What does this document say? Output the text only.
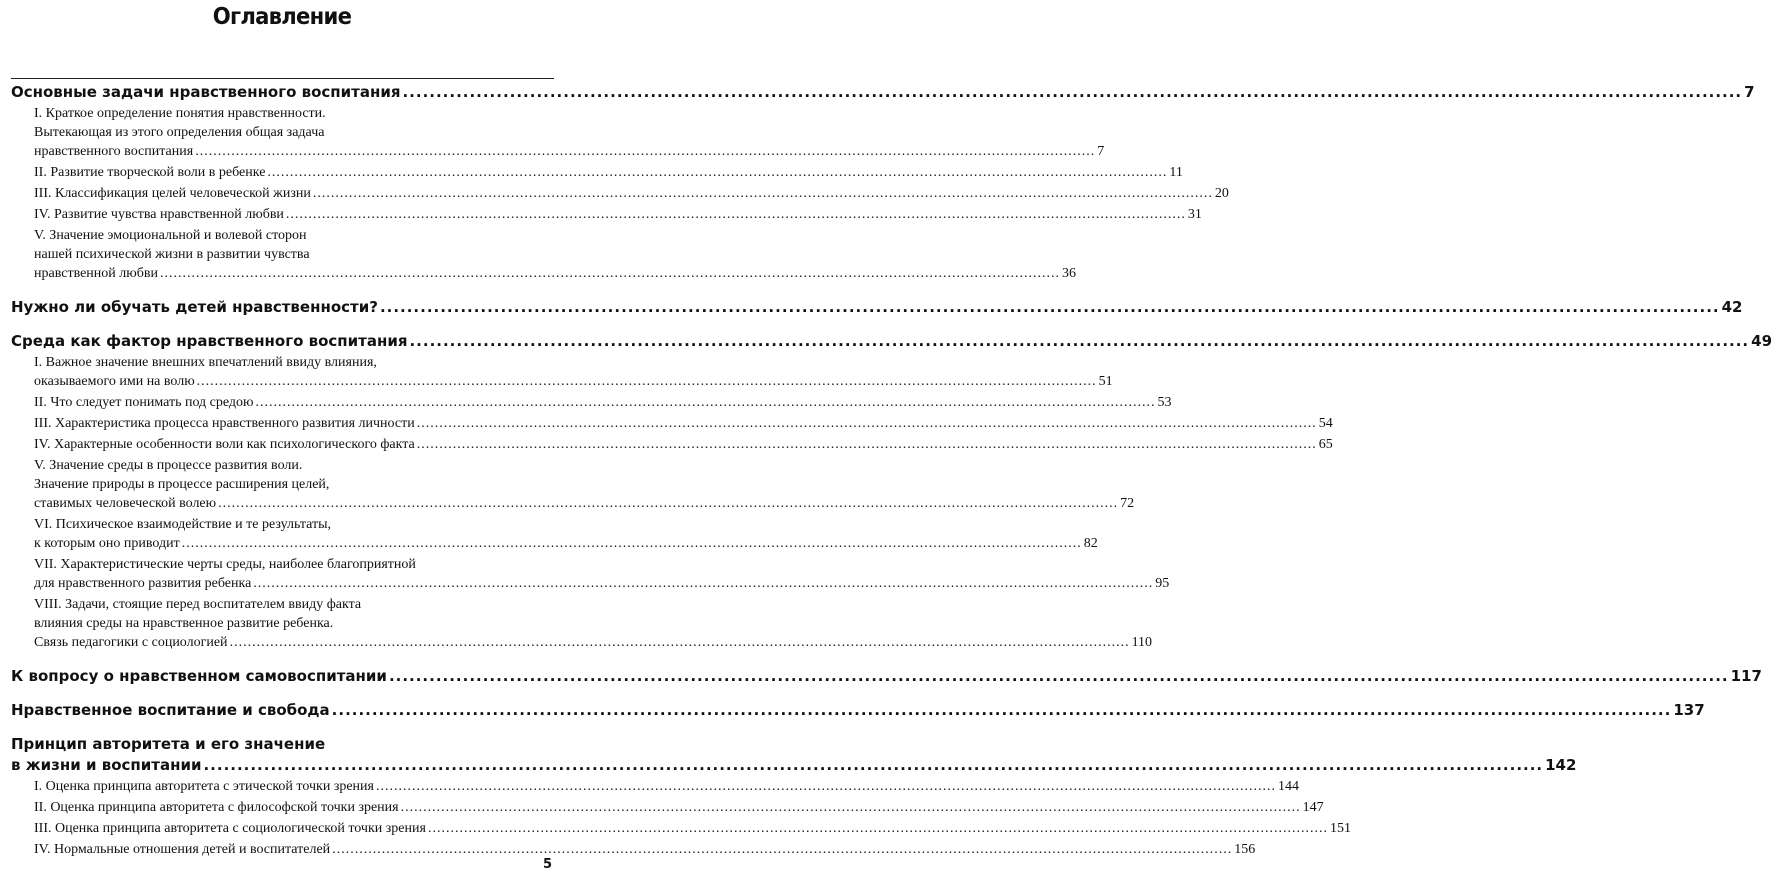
Оглавление
Основные задачи нравственного воспитания ........................................................................................................................................................................................................ 7
I. Краткое определение понятия нравственности.
Вытекающая из этого определения общая задача
нравственного воспитания ........................................................................................................................................................................................................ 7
II. Развитие творческой воли в ребенке ........................................................................................................................................................................................................ 11
III. Классификация целей человеческой жизни ........................................................................................................................................................................................................ 20
IV. Развитие чувства нравственной любви ........................................................................................................................................................................................................ 31
V. Значение эмоциональной и волевой сторон
нашей психической жизни в развитии чувства
нравственной любви ........................................................................................................................................................................................................ 36
Нужно ли обучать детей нравственности? ........................................................................................................................................................................................................ 42
Среда как фактор нравственного воспитания ........................................................................................................................................................................................................ 49
I. Важное значение внешних впечатлений ввиду влияния,
оказываемого ими на волю ........................................................................................................................................................................................................ 51
II. Что следует понимать под средою ........................................................................................................................................................................................................ 53
III. Характеристика процесса нравственного развития личности ........................................................................................................................................................................................................ 54
IV. Характерные особенности воли как психологического факта ........................................................................................................................................................................................................ 65
V. Значение среды в процессе развития воли.
Значение природы в процессе расширения целей,
ставимых человеческой волею ........................................................................................................................................................................................................ 72
VI. Психическое взаимодействие и те результаты,
к которым оно приводит ........................................................................................................................................................................................................ 82
VII. Характеристические черты среды, наиболее благоприятной
для нравственного развития ребенка ........................................................................................................................................................................................................ 95
VIII. Задачи, стоящие перед воспитателем ввиду факта
влияния среды на нравственное развитие ребенка.
Связь педагогики с социологией ........................................................................................................................................................................................................ 110
К вопросу о нравственном самовоспитании ........................................................................................................................................................................................................ 117
Нравственное воспитание и свобода ........................................................................................................................................................................................................ 137
Принцип авторитета и его значение
в жизни и воспитании ........................................................................................................................................................................................................ 142
I. Оценка принципа авторитета с этической точки зрения ........................................................................................................................................................................................................ 144
II. Оценка принципа авторитета с философской точки зрения ........................................................................................................................................................................................................ 147
III. Оценка принципа авторитета с социологической точки зрения ........................................................................................................................................................................................................ 151
IV. Нормальные отношения детей и воспитателей ........................................................................................................................................................................................................ 156
5
